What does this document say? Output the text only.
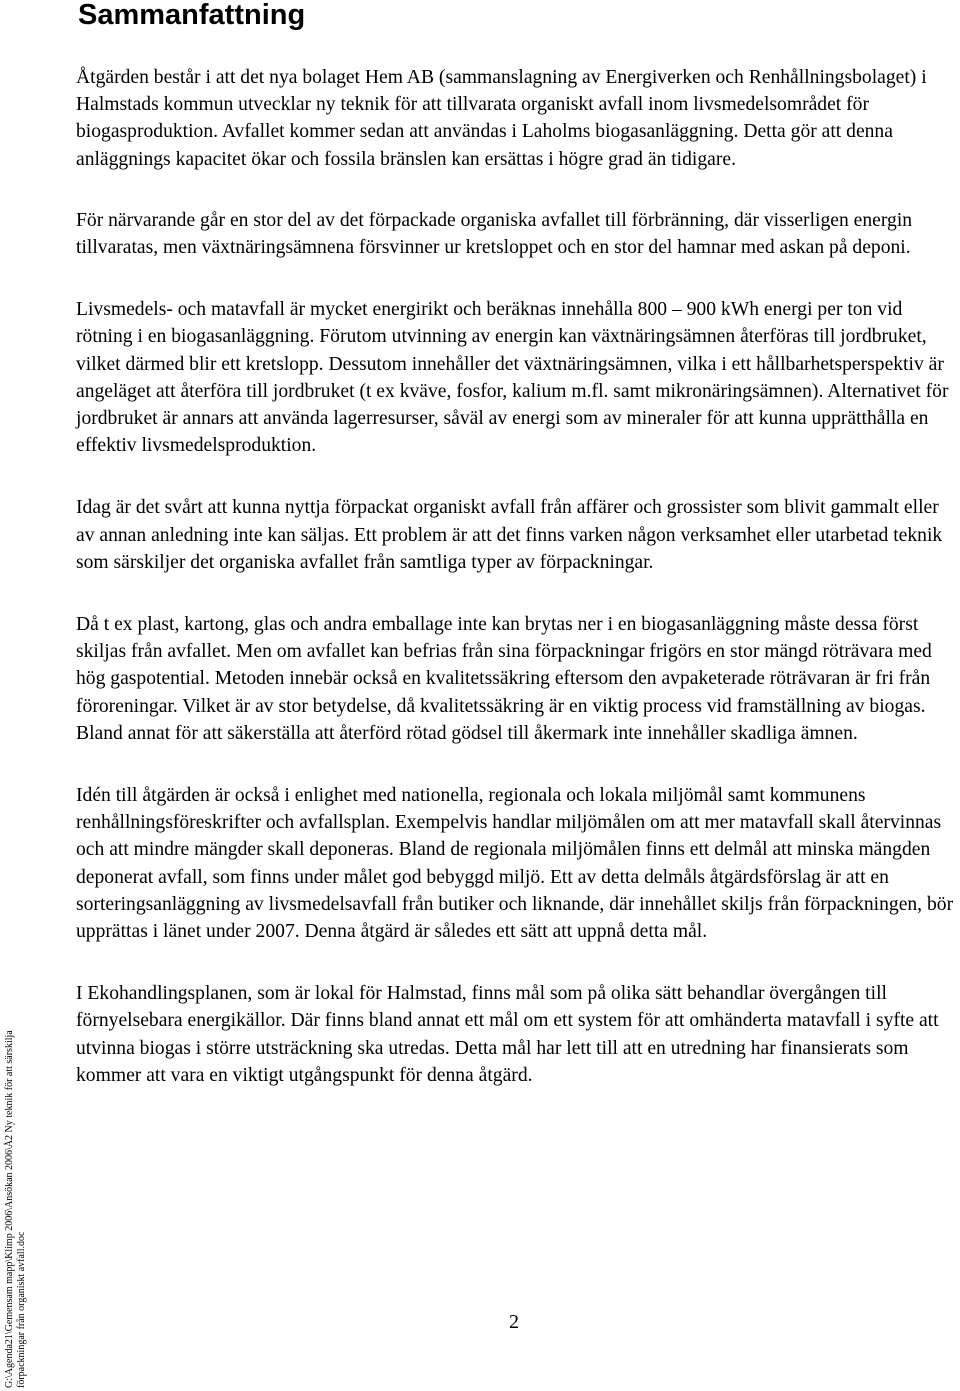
Sammanfattning

Åtgärden består i att det nya bolaget Hem AB (sammanslagning av Energiverken och Renhållningsbolaget) i Halmstads kommun utvecklar ny teknik för att tillvarata organiskt avfall inom livsmedelsområdet för biogasproduktion. Avfallet kommer sedan att användas i Laholms biogasanläggning. Detta gör att denna anläggnings kapacitet ökar och fossila bränslen kan ersättas i högre grad än tidigare.

För närvarande går en stor del av det förpackade organiska avfallet till förbränning, där visserligen energin tillvaratas, men växtnäringsämnena försvinner ur kretsloppet och en stor del hamnar med askan på deponi.

Livsmedels- och matavfall är mycket energirikt och beräknas innehålla 800 – 900 kWh energi per ton vid rötning i en biogasanläggning. Förutom utvinning av energin kan växtnäringsämnen återföras till jordbruket, vilket därmed blir ett kretslopp. Dessutom innehåller det växtnäringsämnen, vilka i ett hållbarhetsperspektiv är angeläget att återföra till jordbruket (t ex kväve, fosfor, kalium m.fl. samt mikronäringsämnen). Alternativet för jordbruket är annars att använda lagerresurser, såväl av energi som av mineraler för att kunna upprätthålla en effektiv livsmedelsproduktion.

Idag är det svårt att kunna nyttja förpackat organiskt avfall från affärer och grossister som blivit gammalt eller av annan anledning inte kan säljas. Ett problem är att det finns varken någon verksamhet eller utarbetad teknik som särskiljer det organiska avfallet från samtliga typer av förpackningar.

Då t ex plast, kartong, glas och andra emballage inte kan brytas ner i en biogasanläggning måste dessa först skiljas från avfallet. Men om avfallet kan befrias från sina förpackningar frigörs en stor mängd röträvara med hög gaspotential. Metoden innebär också en kvalitetssäkring eftersom den avpaketerade röträvaran är fri från föroreningar. Vilket är av stor betydelse, då kvalitetssäkring är en viktig process vid framställning av biogas. Bland annat för att säkerställa att återförd rötad gödsel till åkermark inte innehåller skadliga ämnen.

Idén till åtgärden är också i enlighet med nationella, regionala och lokala miljömål samt kommunens renhållningsföreskrifter och avfallsplan. Exempelvis handlar miljömålen om att mer matavfall skall återvinnas och att mindre mängder skall deponeras. Bland de regionala miljömålen finns ett delmål att minska mängden deponerat avfall, som finns under målet god bebyggd miljö. Ett av detta delmåls åtgärdsförslag är att en sorteringsanläggning av livsmedelsavfall från butiker och liknande, där innehållet skiljs från förpackningen, bör upprättas i länet under 2007. Denna åtgärd är således ett sätt att uppnå detta mål.

I Ekohandlingsplanen, som är lokal för Halmstad, finns mål som på olika sätt behandlar övergången till förnyelsebara energikällor. Där finns bland annat ett mål om ett system för att omhänderta matavfall i syfte att utvinna biogas i större utsträckning ska utredas. Detta mål har lett till att en utredning har finansierats som kommer att vara en viktigt utgångspunkt för denna åtgärd.

2
G:\Agenda21\Gemensam mapp\Klimp 2006\Ansökan 2006\Å2 Ny teknik för att särskilja förpackningar från organiskt avfall.doc
